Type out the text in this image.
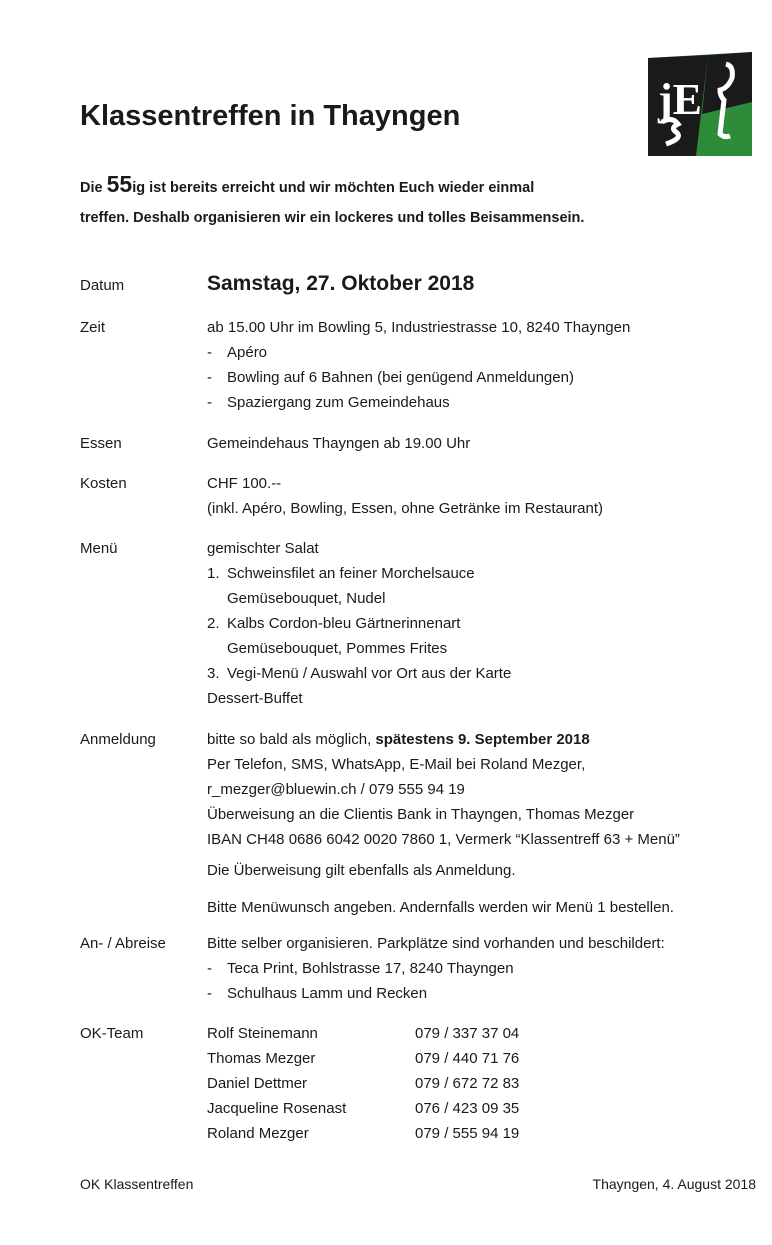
jE
Klassentreffen in Thayngen
Die 55ig ist bereits erreicht und wir möchten Euch wieder einmal
treffen. Deshalb organisieren wir ein lockeres und tolles Beisammensein.
Datum	Samstag, 27. Oktober 2018
Zeit	ab 15.00 Uhr im Bowling 5, Industriestrasse 10, 8240 Thayngen
- Apéro
- Bowling auf 6 Bahnen (bei genügend Anmeldungen)
- Spaziergang zum Gemeindehaus
Essen	Gemeindehaus Thayngen ab 19.00 Uhr
Kosten	CHF 100.--
(inkl. Apéro, Bowling, Essen, ohne Getränke im Restaurant)
Menü	gemischter Salat
1. Schweinsfilet an feiner Morchelsauce
Gemüsebouquet, Nudel
2. Kalbs Cordon-bleu Gärtnerinnenart
Gemüsebouquet, Pommes Frites
3. Vegi-Menü / Auswahl vor Ort aus der Karte
Dessert-Buffet
Anmeldung	bitte so bald als möglich, spätestens 9. September 2018
Per Telefon, SMS, WhatsApp, E-Mail bei Roland Mezger,
r_mezger@bluewin.ch / 079 555 94 19
Überweisung an die Clientis Bank in Thayngen, Thomas Mezger
IBAN CH48 0686 6042 0020 7860 1, Vermerk “Klassentreff 63 + Menü”
Die Überweisung gilt ebenfalls als Anmeldung.
Bitte Menüwunsch angeben. Andernfalls werden wir Menü 1 bestellen.
An- / Abreise	Bitte selber organisieren. Parkplätze sind vorhanden und beschildert:
- Teca Print, Bohlstrasse 17, 8240 Thayngen
- Schulhaus Lamm und Recken
OK-Team	Rolf Steinemann	079 / 337 37 04
Thomas Mezger	079 / 440 71 76
Daniel Dettmer	079 / 672 72 83
Jacqueline Rosenast	076 / 423 09 35
Roland Mezger	079 / 555 94 19
OK Klassentreffen	Thayngen, 4. August 2018
